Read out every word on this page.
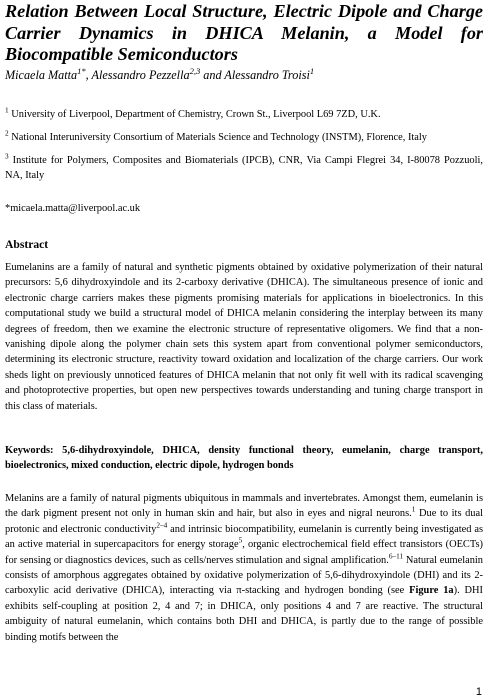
Relation Between Local Structure, Electric Dipole and Charge Carrier Dynamics in DHICA Melanin, a Model for Biocompatible Semiconductors

Micaela Matta$^{1*}$, Alessandro Pezzella$^{2,3}$ and Alessandro Troisi$^1$

$^1$ University of Liverpool, Department of Chemistry, Crown St., Liverpool L69 7ZD, U.K.

$^2$ National Interuniversity Consortium of Materials Science and Technology (INSTM), Florence, Italy

$^3$ Institute for Polymers, Composites and Biomaterials (IPCB), CNR, Via Campi Flegrei 34, I-80078 Pozzuoli, NA, Italy

*micaela.matta@liverpool.ac.uk

Abstract

Eumelanins are a family of natural and synthetic pigments obtained by oxidative polymerization of their natural precursors: 5,6 dihydroxyindole and its 2-carboxy derivative (DHICA). The simultaneous presence of ionic and electronic charge carriers makes these pigments promising materials for applications in bioelectronics. In this computational study we build a structural model of DHICA melanin considering the interplay between its many degrees of freedom, then we examine the electronic structure of representative oligomers. We find that a non-vanishing dipole along the polymer chain sets this system apart from conventional polymer semiconductors, determining its electronic structure, reactivity toward oxidation and localization of the charge carriers. Our work sheds light on previously unnoticed features of DHICA melanin that not only fit well with its radical scavenging and photoprotective properties, but open new perspectives towards understanding and tuning charge transport in this class of materials.

Keywords: 5,6-dihydroxyindole, DHICA, density functional theory, eumelanin, charge transport, bioelectronics, mixed conduction, electric dipole, hydrogen bonds

Melanins are a family of natural pigments ubiquitous in mammals and invertebrates. Amongst them, eumelanin is the dark pigment present not only in human skin and hair, but also in eyes and nigral neurons.$^1$ Due to its dual protonic and electronic conductivity$^{2-4}$ and intrinsic biocompatibility, eumelanin is currently being investigated as an active material in supercapacitors for energy storage$^5$, organic electrochemical field effect transistors (OECTs) for sensing or diagnostics devices, such as cells/nerves stimulation and signal amplification.$^{6-11}$ Natural eumelanin consists of amorphous aggregates obtained by oxidative polymerization of 5,6-dihydroxyindole (DHI) and its 2-carboxylic acid derivative (DHICA), interacting via π-stacking and hydrogen bonding (see Figure 1a). DHI exhibits self-coupling at position 2, 4 and 7; in DHICA, only positions 4 and 7 are reactive. The structural ambiguity of natural eumelanin, which contains both DHI and DHICA, is partly due to the range of possible binding motifs between the

1
